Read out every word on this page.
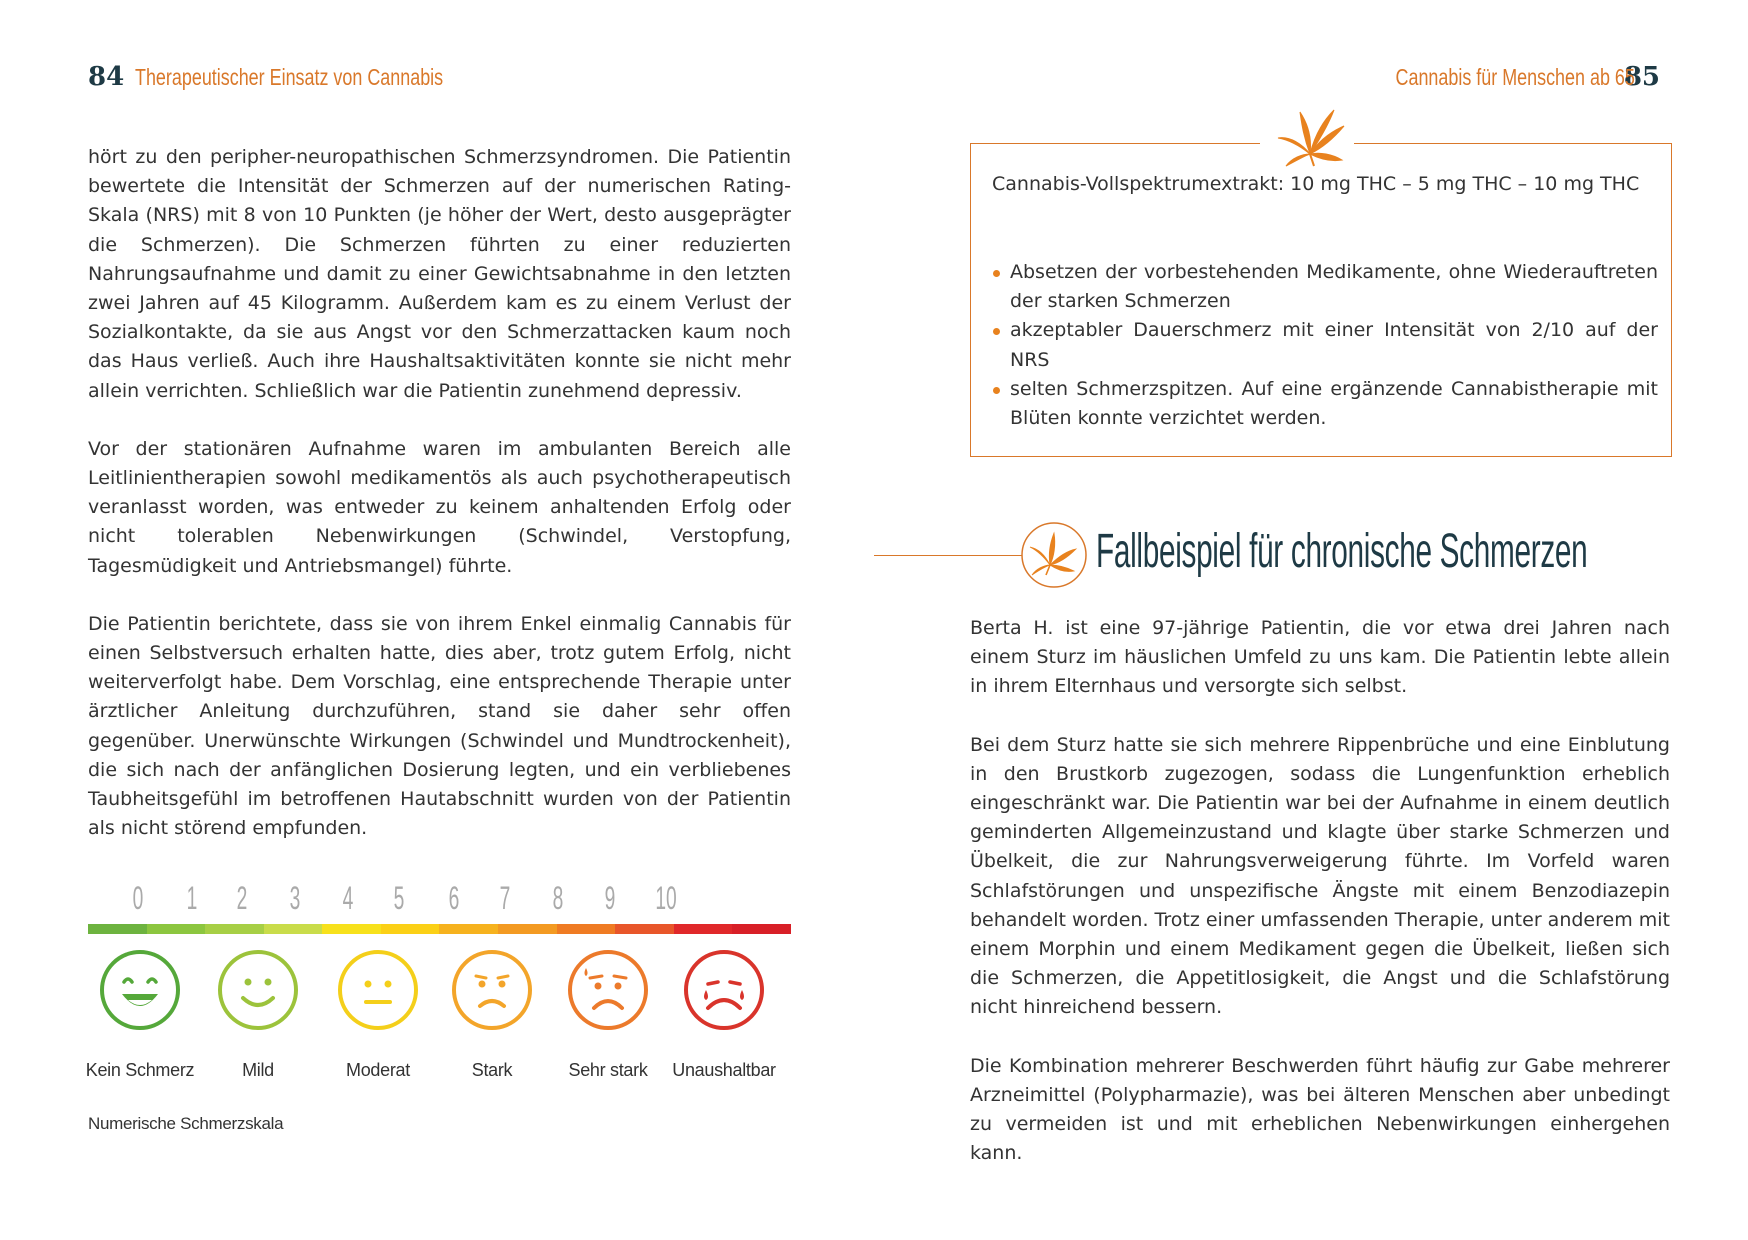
84 Therapeutischer Einsatz von Cannabis

hört zu den peripher-neuropathischen Schmerzsyndromen. Die Patientin bewertete die Intensität der Schmerzen auf der numerischen Rating-Skala (NRS) mit 8 von 10 Punkten (je höher der Wert, desto ausgeprägter die Schmerzen). Die Schmerzen führten zu einer reduzierten Nahrungsaufnahme und damit zu einer Gewichtsabnahme in den letzten zwei Jahren auf 45 Kilogramm. Außerdem kam es zu einem Verlust der Sozialkontakte, da sie aus Angst vor den Schmerzattacken kaum noch das Haus verließ. Auch ihre Haushaltsaktivitäten konnte sie nicht mehr allein verrichten. Schließlich war die Patientin zunehmend depressiv.

Vor der stationären Aufnahme waren im ambulanten Bereich alle Leitlinientherapien sowohl medikamentös als auch psychotherapeutisch veranlasst worden, was entweder zu keinem anhaltenden Erfolg oder nicht tolerablen Nebenwirkungen (Schwindel, Verstopfung, Tagesmüdigkeit und Antriebsmangel) führte.

Die Patientin berichtete, dass sie von ihrem Enkel einmalig Cannabis für einen Selbstversuch erhalten hatte, dies aber, trotz gutem Erfolg, nicht weiterverfolgt habe. Dem Vorschlag, eine entsprechende Therapie unter ärztlicher Anleitung durchzuführen, stand sie daher sehr offen gegenüber. Unerwünschte Wirkungen (Schwindel und Mundtrockenheit), die sich nach der anfänglichen Dosierung legten, und ein verbliebenes Taubheitsgefühl im betroffenen Hautabschnitt wurden von der Patientin als nicht störend empfunden.

0 1 2 3 4 5 6 7 8 9 10
Kein Schmerz	Mild	Moderat	Stark	Sehr stark	Unaushaltbar
Numerische Schmerzskala
Cannabis für Menschen ab 65 85
Cannabis-Vollspektrumextrakt: 10 mg THC – 5 mg THC – 10 mg THC
Absetzen der vorbestehenden Medikamente, ohne Wiederauftreten der starken Schmerzen
akzeptabler Dauerschmerz mit einer Intensität von 2/10 auf der NRS
selten Schmerzspitzen. Auf eine ergänzende Cannabistherapie mit Blüten konnte verzichtet werden.
Fallbeispiel für chronische Schmerzen

Berta H. ist eine 97-jährige Patientin, die vor etwa drei Jahren nach einem Sturz im häuslichen Umfeld zu uns kam. Die Patientin lebte allein in ihrem Elternhaus und versorgte sich selbst.

Bei dem Sturz hatte sie sich mehrere Rippenbrüche und eine Einblutung in den Brustkorb zugezogen, sodass die Lungenfunktion erheblich eingeschränkt war. Die Patientin war bei der Aufnahme in einem deutlich geminderten Allgemeinzustand und klagte über starke Schmerzen und Übelkeit, die zur Nahrungsverweigerung führte. Im Vorfeld waren Schlafstörungen und unspezifische Ängste mit einem Benzodiazepin behandelt worden. Trotz einer umfassenden Therapie, unter anderem mit einem Morphin und einem Medikament gegen die Übelkeit, ließen sich die Schmerzen, die Appetitlosigkeit, die Angst und die Schlafstörung nicht hinreichend bessern.

Die Kombination mehrerer Beschwerden führt häufig zur Gabe mehrerer Arzneimittel (Polypharmazie), was bei älteren Menschen aber unbedingt zu vermeiden ist und mit erheblichen Nebenwirkungen einhergehen kann.
